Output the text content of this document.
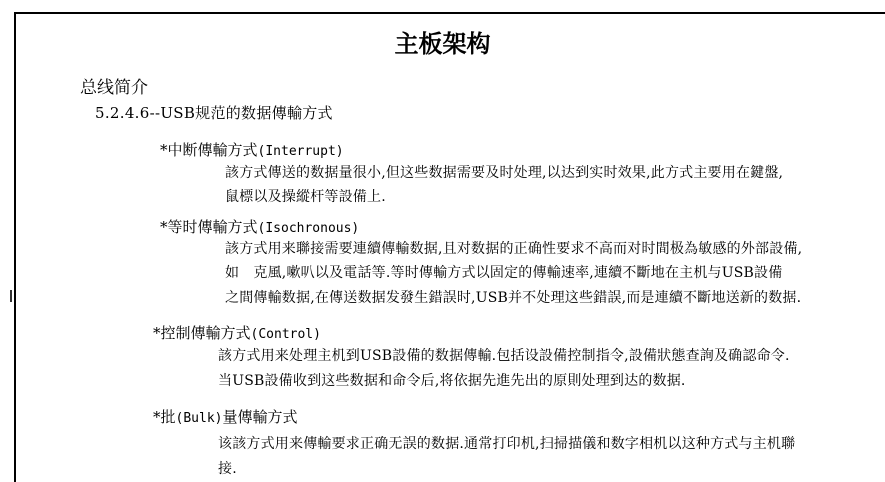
主板架构
总线简介
5.2.4.6--USB规范的数据傳輸方式
*中断傳輸方式(Interrupt)
該方式傳送的数据量很小,但这些数据需要及时处理,以达到实时效果,此方式主要用在鍵盤,
鼠標以及操縱杆等設備上.
*等时傳輸方式(Isochronous)
該方式用来聯接需要連續傳輸数据,且对数据的正确性要求不高而对时間极為敏感的外部設備,
如　克風,嗽叭以及電話等.等时傳輸方式以固定的傳輸速率,連續不斷地在主机与USB設備
之間傳輸数据,在傳送数据发發生錯誤时,USB并不处理这些錯誤,而是連續不斷地送新的数据.
*控制傳輸方式(Control)
該方式用来处理主机到USB設備的数据傳輸.包括设設備控制指令,設備狀態查詢及确認命令.
当USB設備收到这些数据和命令后,将依据先進先出的原則处理到达的数据.
*批(Bulk)量傳輸方式
该該方式用来傳輸要求正确无誤的数据.通常打印机,扫掃描儀和数字相机以这种方式与主机聯
接.
